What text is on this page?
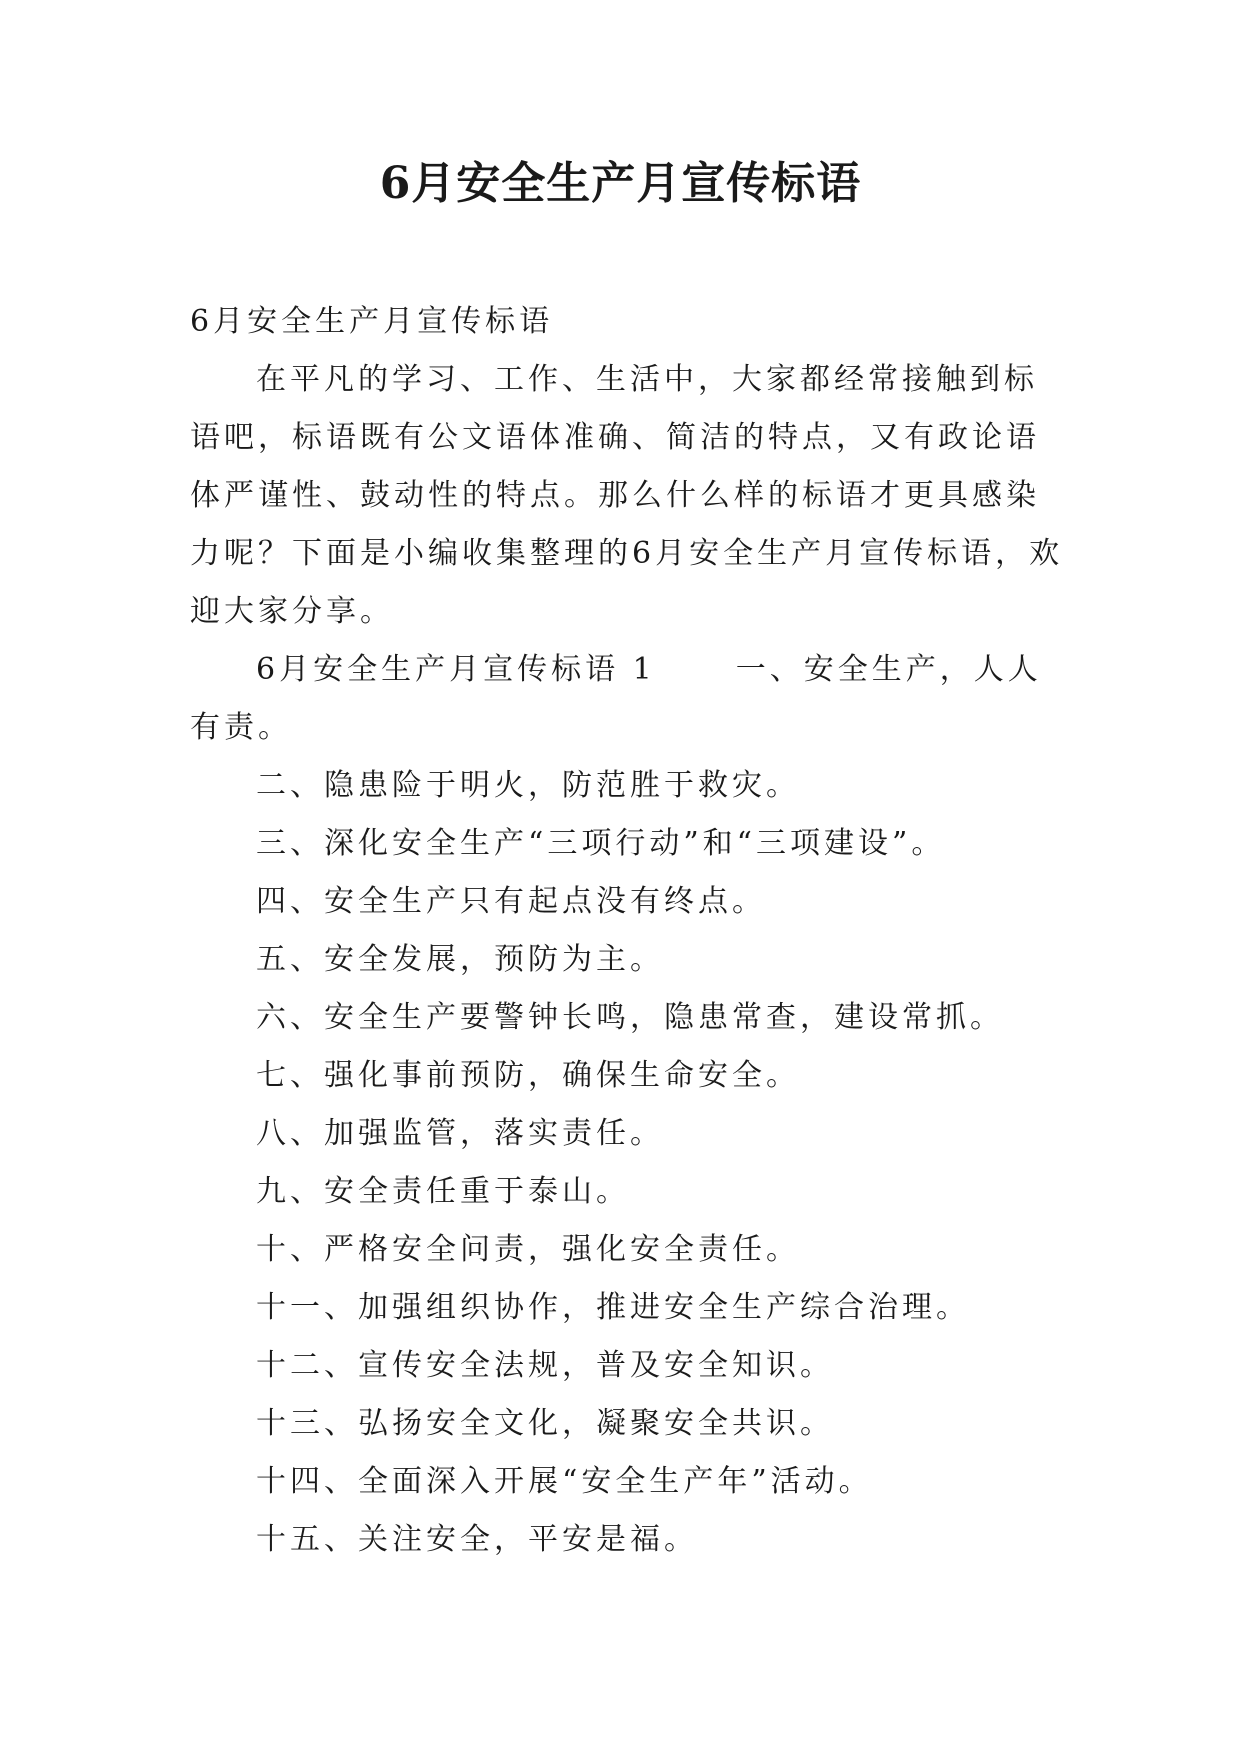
6月安全生产月宣传标语

6月安全生产月宣传标语

在平凡的学习、工作、生活中，大家都经常接触到标语吧，标语既有公文语体准确、简洁的特点，又有政论语体严谨性、鼓动性的特点。那么什么样的标语才更具感染力呢？下面是小编收集整理的6月安全生产月宣传标语，欢迎大家分享。

6月安全生产月宣传标语 1	一、安全生产，人人有责。

二、隐患险于明火，防范胜于救灾。

三、深化安全生产“三项行动”和“三项建设”。

四、安全生产只有起点没有终点。

五、安全发展，预防为主。

六、安全生产要警钟长鸣，隐患常查，建设常抓。

七、强化事前预防，确保生命安全。

八、加强监管，落实责任。

九、安全责任重于泰山。

十、严格安全问责，强化安全责任。

十一、加强组织协作，推进安全生产综合治理。

十二、宣传安全法规，普及安全知识。

十三、弘扬安全文化，凝聚安全共识。

十四、全面深入开展“安全生产年”活动。

十五、关注安全，平安是福。
